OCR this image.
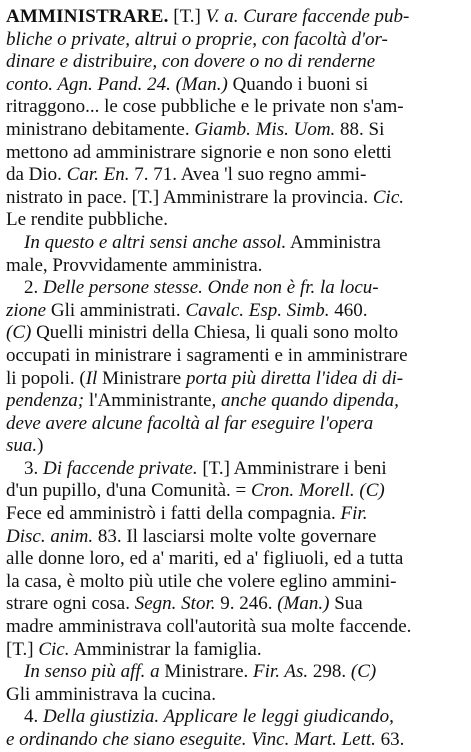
AMMINISTRARE. [T.] V. a. Curare faccende pub-
bliche o private, altrui o proprie, con facoltà d'or-
dinare e distribuire, con dovere o no di renderne
conto. Agn. Pand. 24. (Man.) Quando i buoni si
ritraggono... le cose pubbliche e le private non s'am-
ministrano debitamente. Giamb. Mis. Uom. 88. Si
mettono ad amministrare signorie e non sono eletti
da Dio. Car. En. 7. 71. Avea 'l suo regno ammi-
nistrato in pace. [T.] Amministrare la provincia. Cic.
Le rendite pubbliche.
In questo e altri sensi anche assol. Amministra
male, Provvidamente amministra.
2. Delle persone stesse. Onde non è fr. la locu-
zione Gli amministrati. Cavalc. Esp. Simb. 460.
(C) Quelli ministri della Chiesa, li quali sono molto
occupati in ministrare i sagramenti e in amministrare
li popoli. (Il Ministrare porta più diretta l'idea di di-
pendenza; l'Amministrante, anche quando dipenda,
deve avere alcune facoltà al far eseguire l'opera
sua.)
3. Di faccende private. [T.] Amministrare i beni
d'un pupillo, d'una Comunità. = Cron. Morell. (C)
Fece ed amministrò i fatti della compagnia. Fir.
Disc. anim. 83. Il lasciarsi molte volte governare
alle donne loro, ed a' mariti, ed a' figliuoli, ed a tutta
la casa, è molto più utile che volere eglino ammini-
strare ogni cosa. Segn. Stor. 9. 246. (Man.) Sua
madre amministrava coll'autorità sua molte faccende.
[T.] Cic. Amministrar la famiglia.
In senso più aff. a Ministrare. Fir. As. 298. (C)
Gli amministrava la cucina.
4. Della giustizia. Applicare le leggi giudicando,
e ordinando che siano eseguite. Vinc. Mart. Lett. 63.
